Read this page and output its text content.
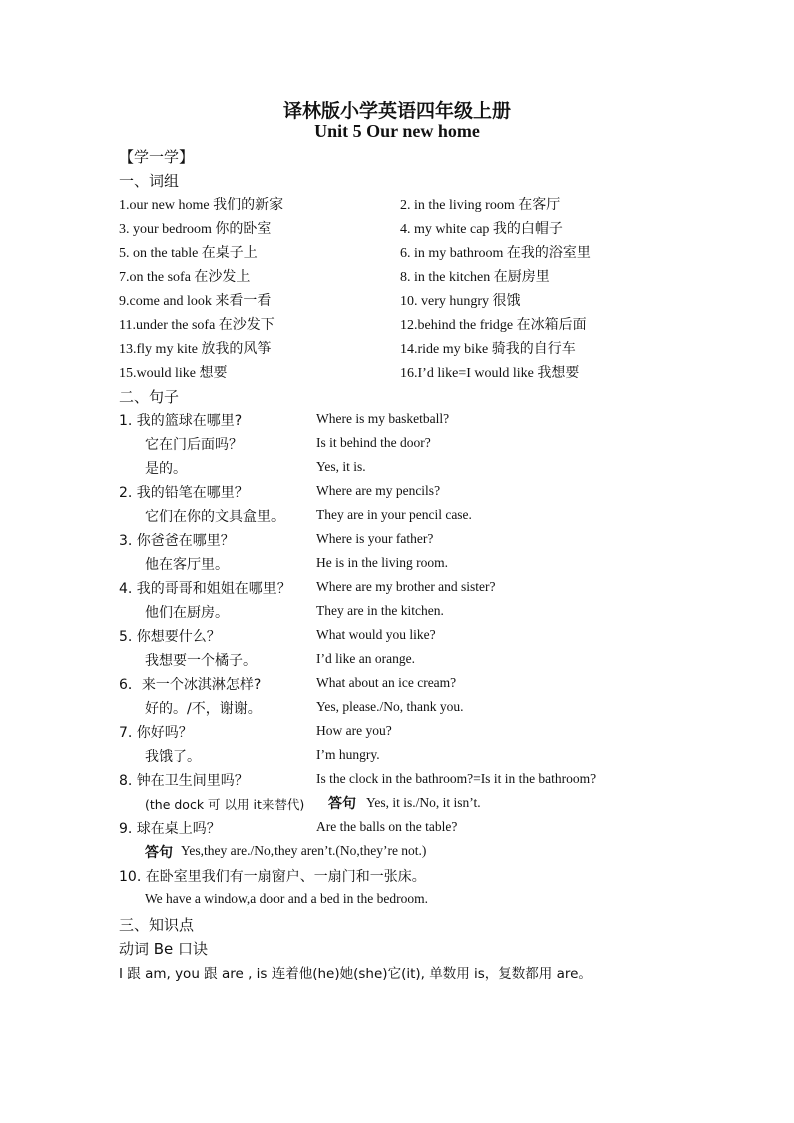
译林版小学英语四年级上册
Unit 5 Our new home
【学一学】
一、词组
1.our new home 我们的新家	2. in the living room 在客厅
3. your bedroom 你的卧室	4. my white cap 我的白帽子
5. on the table 在桌子上	6. in my bathroom 在我的浴室里
7.on the sofa 在沙发上	8. in the kitchen 在厨房里
9.come and look 来看一看	10. very hungry 很饿
11.under the sofa 在沙发下	12.behind the fridge 在冰箱后面
13.fly my kite 放我的风筝	14.ride my bike 骑我的自行车
15.would like 想要	16.I’d like=I would like 我想要
二、句子
1. 我的篮球在哪里?	Where is my basketball?
它在门后面吗？	Is it behind the door?
是的。	Yes, it is.
2. 我的铅笔在哪里？	Where are my pencils?
它们在你的文具盒里。 They are in your pencil case.
3. 你爸爸在哪里？	Where is your father?
他在客厅里。	He is in the living room.
4. 我的哥哥和姐姐在哪里？ Where are my brother and sister?
他们在厨房。	They are in the kitchen.
5. 你想要什么？	What would you like?
我想要一个橘子。	I’d like an orange.
6．来一个冰淇淋怎样?	What about an ice cream?
好的。/不，谢谢。	Yes, please./No, thank you.
7. 你好吗？	How are you?
我饿了。	I’m hungry.
8. 钟在卫生间里吗？	Is the clock in the bathroom?=Is it in the bathroom?
(the dock 可 以用 it来替代) 答句 Yes, it is./No, it isn’t.
9. 球在桌上吗？	Are the balls on the table?
答句 Yes,they are./No,they aren’t.(No,they’re not.)
10. 在卧室里我们有一扇窗户、一扇门和一张床。
We have a window,a door and a bed in the bedroom.
三、知识点
动词 Be 口诀
I 跟 am, you 跟 are , is 连着他(he)她(she)它(it), 单数用 is，复数都用 are。
